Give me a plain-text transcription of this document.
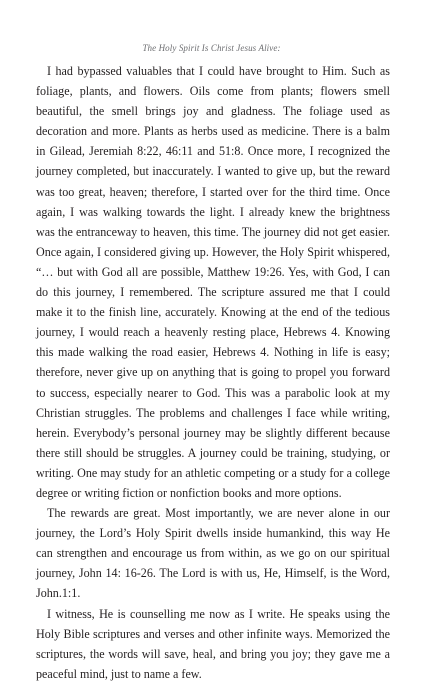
The Holy Spirit Is Christ Jesus Alive:

I had bypassed valuables that I could have brought to Him. Such as foliage, plants, and flowers. Oils come from plants; flowers smell beautiful, the smell brings joy and gladness. The foliage used as decoration and more. Plants as herbs used as medicine. There is a balm in Gilead, Jeremiah 8:22, 46:11 and 51:8. Once more, I recognized the journey completed, but inaccurately. I wanted to give up, but the reward was too great, heaven; therefore, I started over for the third time. Once again, I was walking towards the light. I already knew the brightness was the entranceway to heaven, this time. The journey did not get easier. Once again, I considered giving up. However, the Holy Spirit whispered, “… but with God all are possible, Matthew 19:26. Yes, with God, I can do this journey, I remembered. The scripture assured me that I could make it to the finish line, accurately. Knowing at the end of the tedious journey, I would reach a heavenly resting place, Hebrews 4. Knowing this made walking the road easier, Hebrews 4. Nothing in life is easy; therefore, never give up on anything that is going to propel you forward to success, especially nearer to God. This was a parabolic look at my Christian struggles. The problems and challenges I face while writing, herein. Everybody’s personal journey may be slightly different because there still should be struggles. A journey could be training, studying, or writing. One may study for an athletic competing or a study for a college degree or writing fiction or nonfiction books and more options.

The rewards are great. Most importantly, we are never alone in our journey, the Lord’s Holy Spirit dwells inside humankind, this way He can strengthen and encourage us from within, as we go on our spiritual journey, John 14: 16-26. The Lord is with us, He, Himself, is the Word, John.1:1.

I witness, He is counselling me now as I write. He speaks using the Holy Bible scriptures and verses and other infinite ways. Memorized the scriptures, the words will save, heal, and bring you joy; they gave me a peaceful mind, just to name a few.
